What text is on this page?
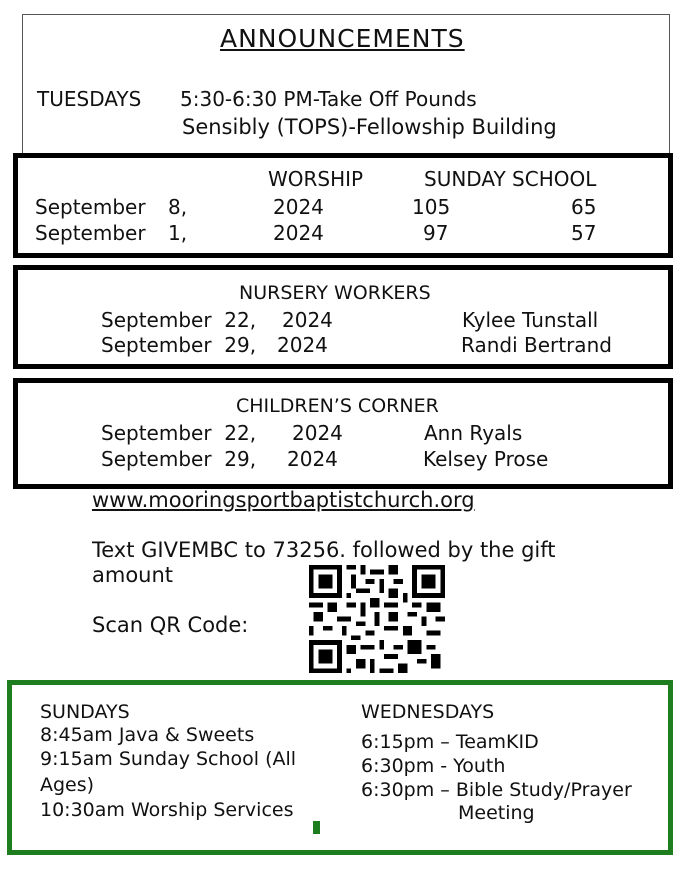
ANNOUNCEMENTS
TUESDAYS 5:30-6:30 PM-Take Off Pounds
Sensibly (TOPS)-Fellowship Building
WORSHIP	SUNDAY SCHOOL
September 8,	2024	105	65
September 1,	2024	97	57
NURSERY WORKERS
September  22, 2024	Kylee Tunstall
September  29, 2024	Randi Bertrand
CHILDREN’S CORNER
September  22, 2024	Ann Ryals
September  29, 2024	Kelsey Prose
www.mooringsportbaptistchurch.org
Text GIVEMBC to 73256. followed by the gift
amount
Scan QR Code:
SUNDAYS
8:45am Java & Sweets
9:15am Sunday School (All
Ages)
10:30am Worship Services
WEDNESDAYS
6:15pm – TeamKID
6:30pm - Youth
6:30pm – Bible Study/Prayer
Meeting
